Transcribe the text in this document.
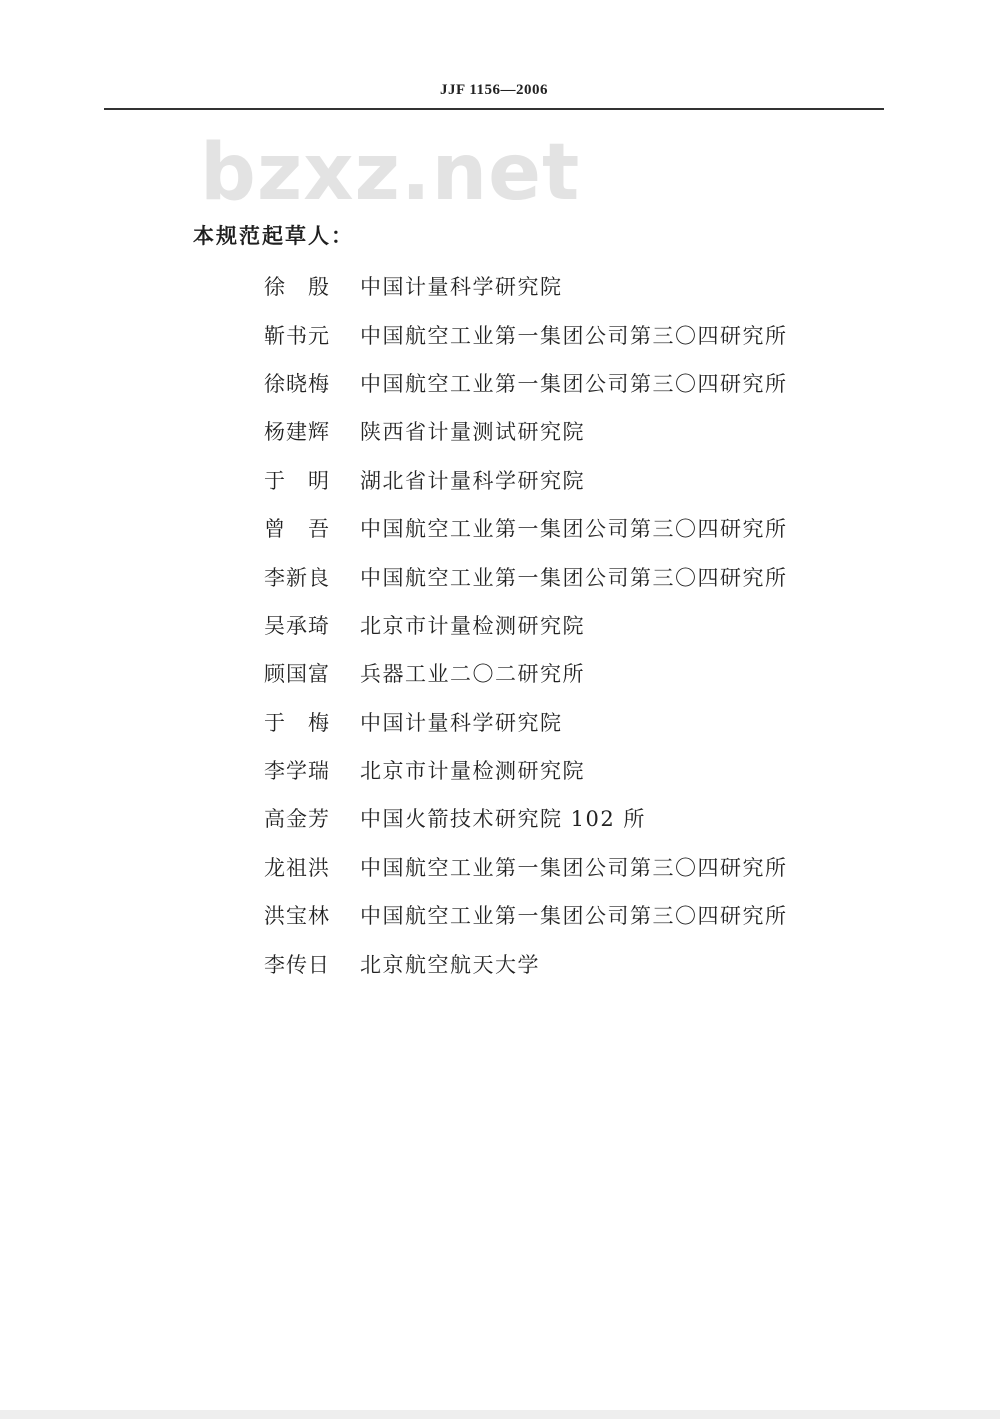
JJF 1156—2006
bzxz.net
本规范起草人：
徐　殷	中国计量科学研究院
靳书元	中国航空工业第一集团公司第三〇四研究所
徐晓梅	中国航空工业第一集团公司第三〇四研究所
杨建辉	陕西省计量测试研究院
于　明	湖北省计量科学研究院
曾　吾	中国航空工业第一集团公司第三〇四研究所
李新良	中国航空工业第一集团公司第三〇四研究所
吴承琦	北京市计量检测研究院
顾国富	兵器工业二〇二研究所
于　梅	中国计量科学研究院
李学瑞	北京市计量检测研究院
高金芳	中国火箭技术研究院 102 所
龙祖洪	中国航空工业第一集团公司第三〇四研究所
洪宝林	中国航空工业第一集团公司第三〇四研究所
李传日	北京航空航天大学
